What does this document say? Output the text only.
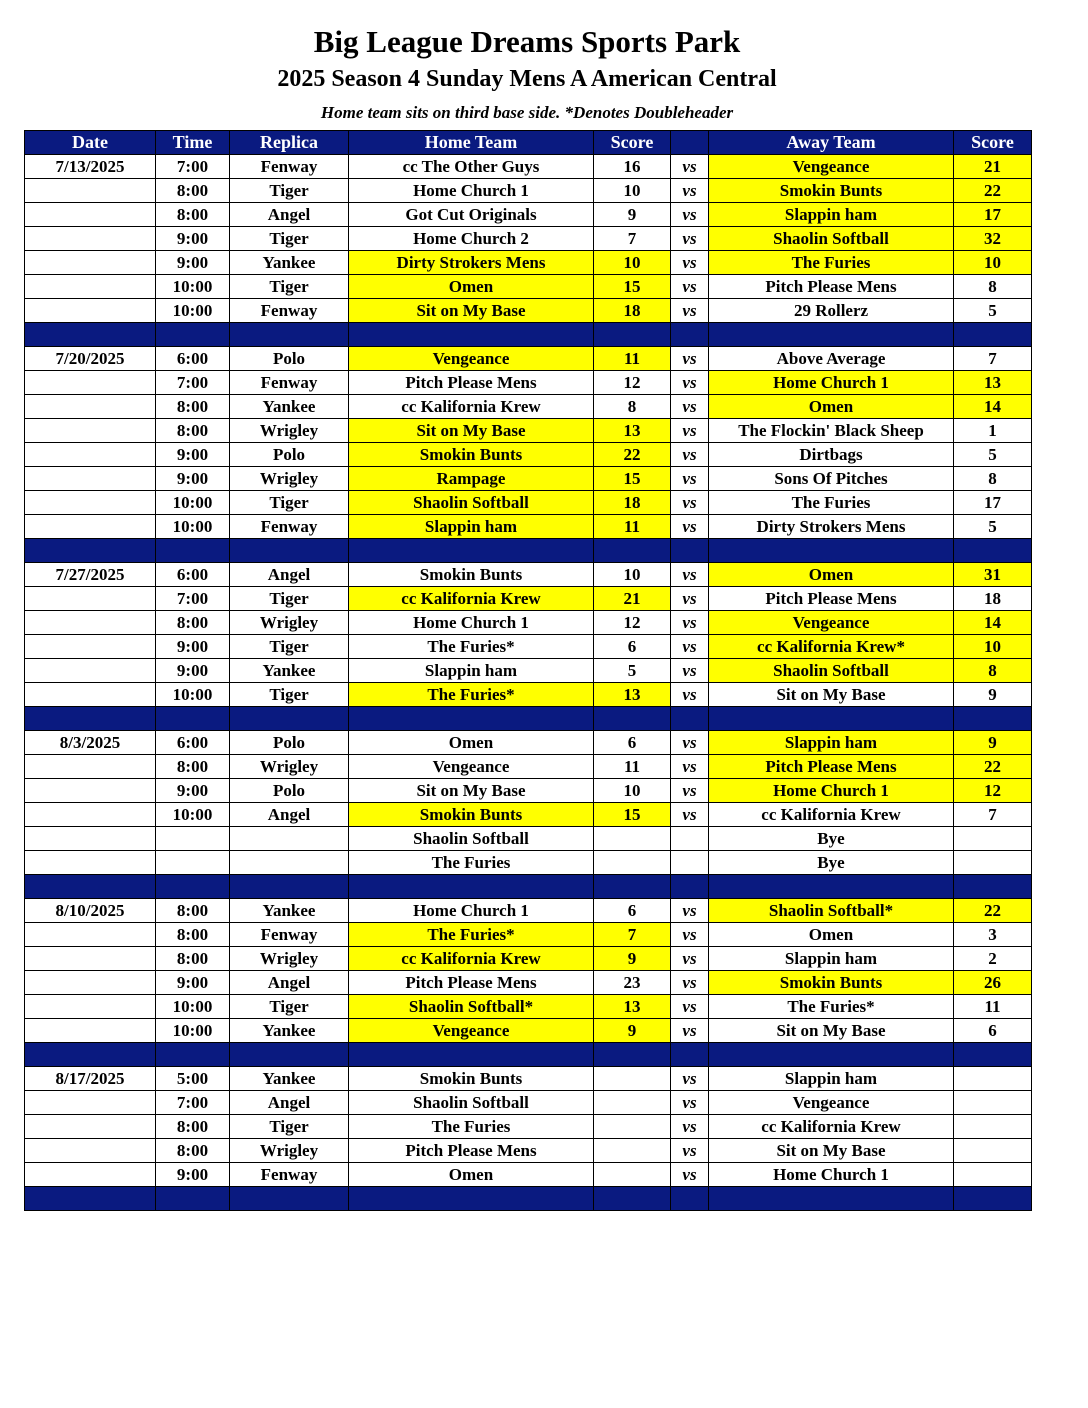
Big League Dreams Sports Park
2025 Season 4 Sunday Mens A American Central
Home team sits on third base side. *Denotes Doubleheader
Date	Time	Replica	Home Team	Score		Away Team	Score
7/13/2025	7:00	Fenway	cc The Other Guys	16	vs	Vengeance	21
	8:00	Tiger	Home Church 1	10	vs	Smokin Bunts	22
	8:00	Angel	Got Cut Originals	9	vs	Slappin ham	17
	9:00	Tiger	Home Church 2	7	vs	Shaolin Softball	32
	9:00	Yankee	Dirty Strokers Mens	10	vs	The Furies	10
	10:00	Tiger	Omen	15	vs	Pitch Please Mens	8
	10:00	Fenway	Sit on My Base	18	vs	29 Rollerz	5

7/20/2025	6:00	Polo	Vengeance	11	vs	Above Average	7
	7:00	Fenway	Pitch Please Mens	12	vs	Home Church 1	13
	8:00	Yankee	cc Kalifornia Krew	8	vs	Omen	14
	8:00	Wrigley	Sit on My Base	13	vs	The Flockin' Black Sheep	1
	9:00	Polo	Smokin Bunts	22	vs	Dirtbags	5
	9:00	Wrigley	Rampage	15	vs	Sons Of Pitches	8
	10:00	Tiger	Shaolin Softball	18	vs	The Furies	17
	10:00	Fenway	Slappin ham	11	vs	Dirty Strokers Mens	5

7/27/2025	6:00	Angel	Smokin Bunts	10	vs	Omen	31
	7:00	Tiger	cc Kalifornia Krew	21	vs	Pitch Please Mens	18
	8:00	Wrigley	Home Church 1	12	vs	Vengeance	14
	9:00	Tiger	The Furies*	6	vs	cc Kalifornia Krew*	10
	9:00	Yankee	Slappin ham	5	vs	Shaolin Softball	8
	10:00	Tiger	The Furies*	13	vs	Sit on My Base	9

8/3/2025	6:00	Polo	Omen	6	vs	Slappin ham	9
	8:00	Wrigley	Vengeance	11	vs	Pitch Please Mens	22
	9:00	Polo	Sit on My Base	10	vs	Home Church 1	12
	10:00	Angel	Smokin Bunts	15	vs	cc Kalifornia Krew	7
			Shaolin Softball			Bye	
			The Furies			Bye	

8/10/2025	8:00	Yankee	Home Church 1	6	vs	Shaolin Softball*	22
	8:00	Fenway	The Furies*	7	vs	Omen	3
	8:00	Wrigley	cc Kalifornia Krew	9	vs	Slappin ham	2
	9:00	Angel	Pitch Please Mens	23	vs	Smokin Bunts	26
	10:00	Tiger	Shaolin Softball*	13	vs	The Furies*	11
	10:00	Yankee	Vengeance	9	vs	Sit on My Base	6

8/17/2025	5:00	Yankee	Smokin Bunts		vs	Slappin ham	
	7:00	Angel	Shaolin Softball		vs	Vengeance	
	8:00	Tiger	The Furies		vs	cc Kalifornia Krew	
	8:00	Wrigley	Pitch Please Mens		vs	Sit on My Base	
	9:00	Fenway	Omen		vs	Home Church 1	
